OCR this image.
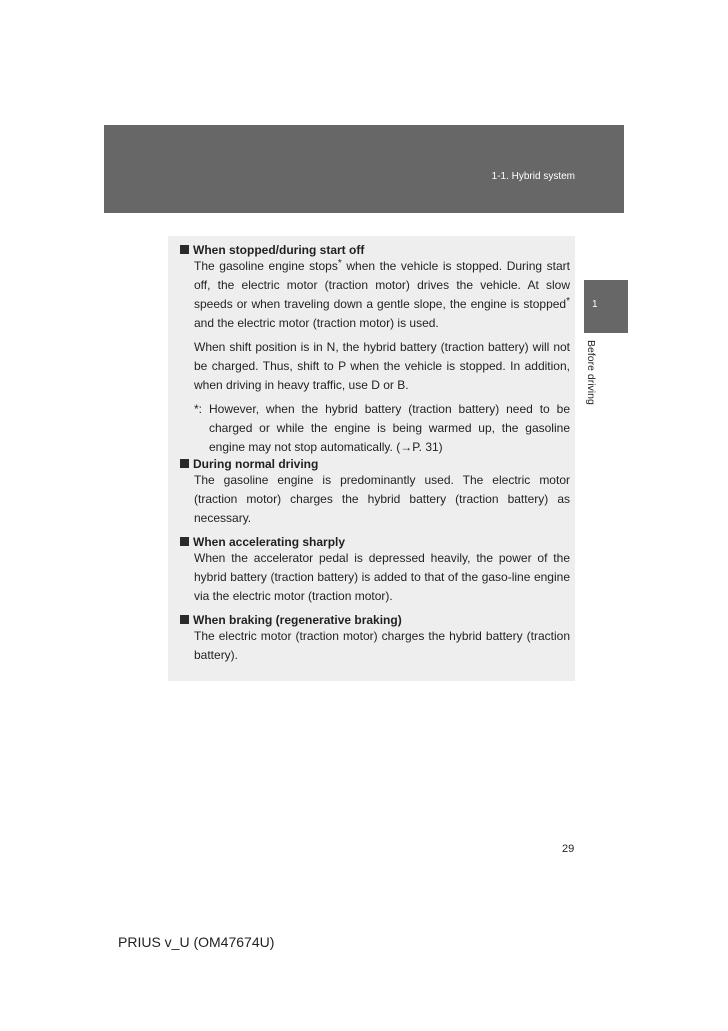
1-1. Hybrid system
1
Before driving
When stopped/during start off
The gasoline engine stops* when the vehicle is stopped. During start off, the electric motor (traction motor) drives the vehicle. At slow speeds or when traveling down a gentle slope, the engine is stopped* and the electric motor (traction motor) is used.
When shift position is in N, the hybrid battery (traction battery) will not be charged. Thus, shift to P when the vehicle is stopped. In addition, when driving in heavy traffic, use D or B.
*: However, when the hybrid battery (traction battery) need to be charged or while the engine is being warmed up, the gasoline engine may not stop automatically. (→P. 31)
During normal driving
The gasoline engine is predominantly used. The electric motor (traction motor) charges the hybrid battery (traction battery) as necessary.
When accelerating sharply
When the accelerator pedal is depressed heavily, the power of the hybrid battery (traction battery) is added to that of the gaso-line engine via the electric motor (traction motor).
When braking (regenerative braking)
The electric motor (traction motor) charges the hybrid battery (traction battery).
29
PRIUS v_U (OM47674U)
